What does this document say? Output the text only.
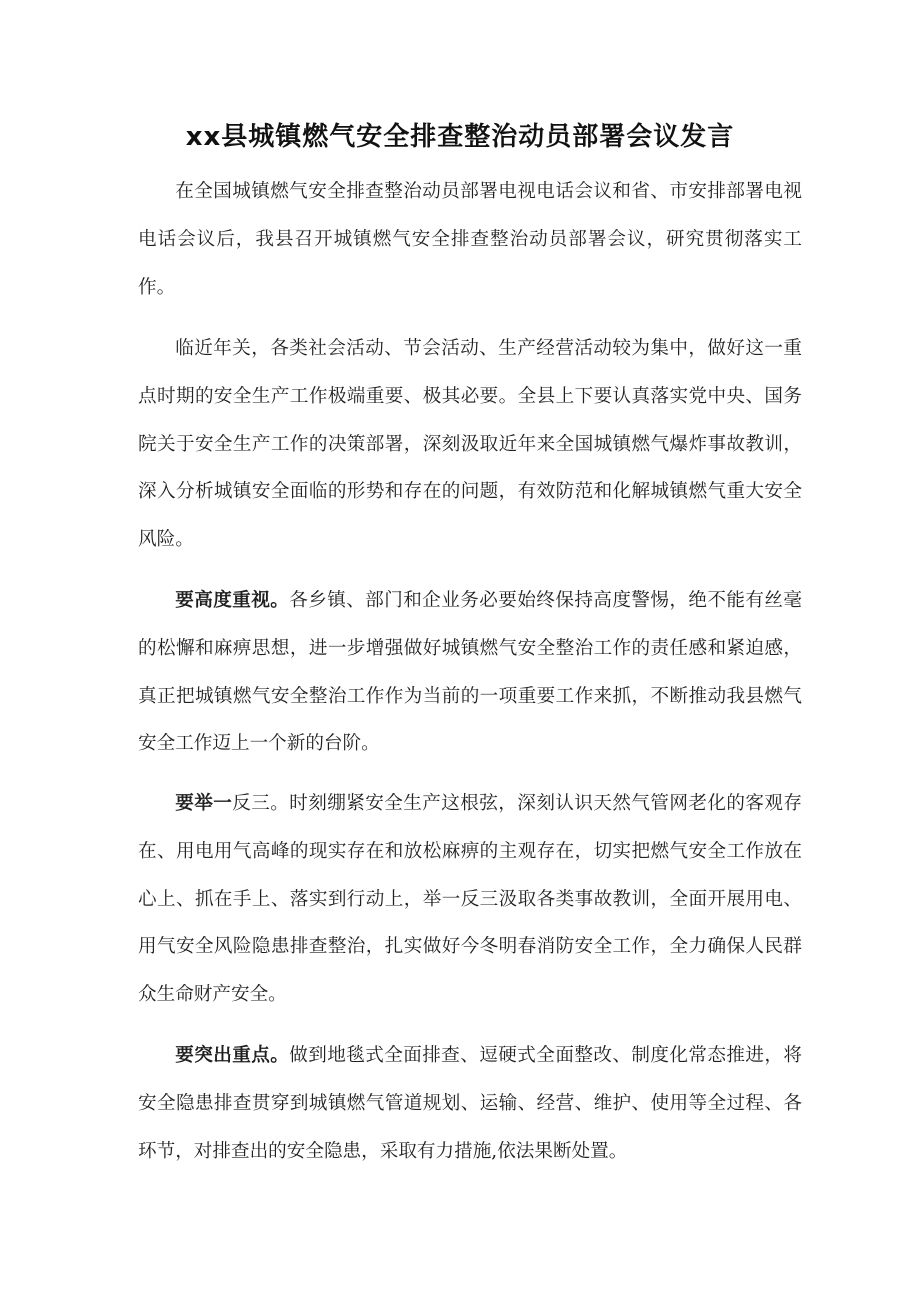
xx县城镇燃气安全排查整治动员部署会议发言

在全国城镇燃气安全排查整治动员部署电视电话会议和省、市安排部署电视电话会议后，我县召开城镇燃气安全排查整治动员部署会议，研究贯彻落实工作。

临近年关，各类社会活动、节会活动、生产经营活动较为集中，做好这一重点时期的安全生产工作极端重要、极其必要。全县上下要认真落实党中央、国务院关于安全生产工作的决策部署，深刻汲取近年来全国城镇燃气爆炸事故教训，深入分析城镇安全面临的形势和存在的问题，有效防范和化解城镇燃气重大安全风险。

要高度重视。各乡镇、部门和企业务必要始终保持高度警惕，绝不能有丝毫的松懈和麻痹思想，进一步增强做好城镇燃气安全整治工作的责任感和紧迫感，真正把城镇燃气安全整治工作作为当前的一项重要工作来抓，不断推动我县燃气安全工作迈上一个新的台阶。

要举一反三。时刻绷紧安全生产这根弦，深刻认识天然气管网老化的客观存在、用电用气高峰的现实存在和放松麻痹的主观存在，切实把燃气安全工作放在心上、抓在手上、落实到行动上，举一反三汲取各类事故教训，全面开展用电、用气安全风险隐患排查整治，扎实做好今冬明春消防安全工作，全力确保人民群众生命财产安全。

要突出重点。做到地毯式全面排查、逗硬式全面整改、制度化常态推进，将安全隐患排查贯穿到城镇燃气管道规划、运输、经营、维护、使用等全过程、各环节，对排查出的安全隐患，采取有力措施,依法果断处置。
